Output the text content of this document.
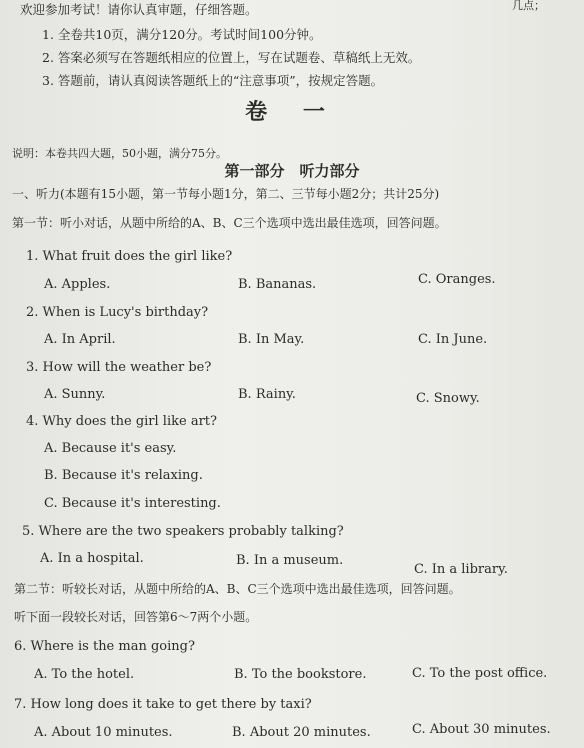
欢迎参加考试！请你认真审题，仔细答题。	几点；
1. 全卷共10页，满分120分。考试时间100分钟。
2. 答案必须写在答题纸相应的位置上，写在试题卷、草稿纸上无效。
3. 答题前，请认真阅读答题纸上的“注意事项”，按规定答题。
卷 一
说明：本卷共四大题，50小题，满分75分。
第一部分　听力部分
一、听力(本题有15小题，第一节每小题1分，第二、三节每小题2分；共计25分)
第一节：听小对话，从题中所给的A、B、C三个选项中选出最佳选项，回答问题。
1. What fruit does the girl like?
A. Apples.	B. Bananas.	C. Oranges.
2. When is Lucy's birthday?
A. In April.	B. In May.	C. In June.
3. How will the weather be?
A. Sunny.	B. Rainy.	C. Snowy.
4. Why does the girl like art?
A. Because it's easy.
B. Because it's relaxing.
C. Because it's interesting.
5. Where are the two speakers probably talking?
A. In a hospital.	B. In a museum.
C. In a library.
第二节：听较长对话，从题中所给的A、B、C三个选项中选出最佳选项，回答问题。
听下面一段较长对话，回答第6～7两个小题。
6. Where is the man going?
A. To the hotel.	B. To the bookstore.	C. To the post office.
7. How long does it take to get there by taxi?
A. About 10 minutes.	B. About 20 minutes.	C. About 30 minutes.
